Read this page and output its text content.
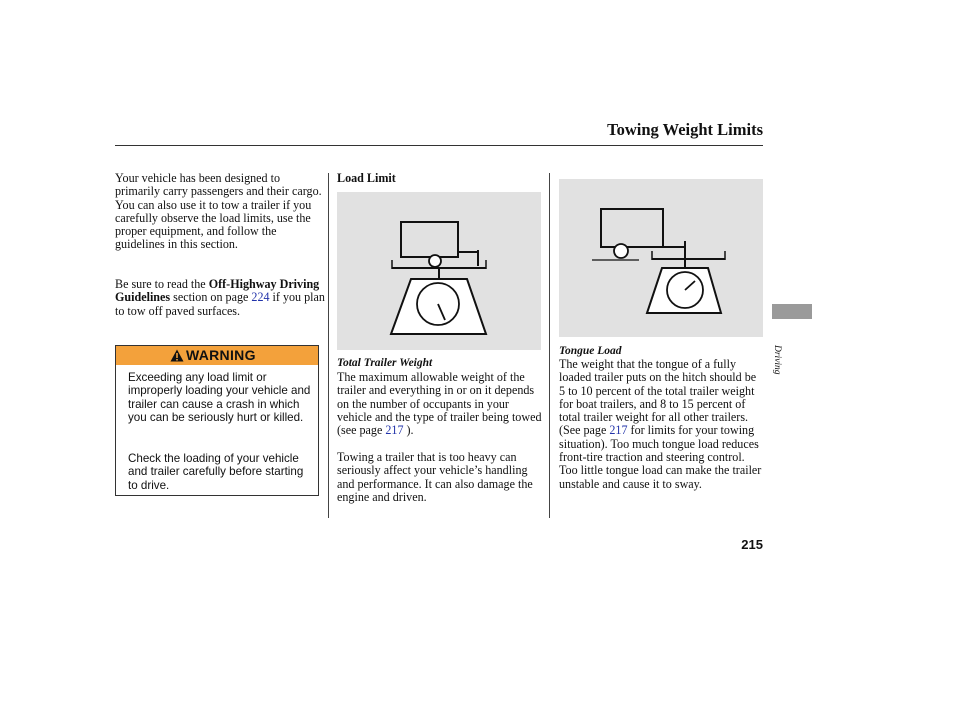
Towing Weight Limits

Your vehicle has been designed to primarily carry passengers and their cargo. You can also use it to tow a trailer if you carefully observe the load limits, use the proper equipment, and follow the guidelines in this section.

Be sure to read the Off-Highway Driving Guidelines section on page 224 if you plan to tow off paved surfaces.

WARNING
Exceeding any load limit or improperly loading your vehicle and trailer can cause a crash in which you can be seriously hurt or killed.
Check the loading of your vehicle and trailer carefully before starting to drive.
Load Limit
Total Trailer Weight

The maximum allowable weight of the trailer and everything in or on it depends on the number of occupants in your vehicle and the type of trailer being towed (see page 217 ).

Towing a trailer that is too heavy can seriously affect your vehicle’s handling and performance. It can also damage the engine and driven.
Tongue Load

The weight that the tongue of a fully loaded trailer puts on the hitch should be 5 to 10 percent of the total trailer weight for boat trailers, and 8 to 15 percent of total trailer weight for all other trailers. (See page 217 for limits for your towing situation). Too much tongue load reduces front-tire traction and steering control. Too little tongue load can make the trailer unstable and cause it to sway.

Driving
215
